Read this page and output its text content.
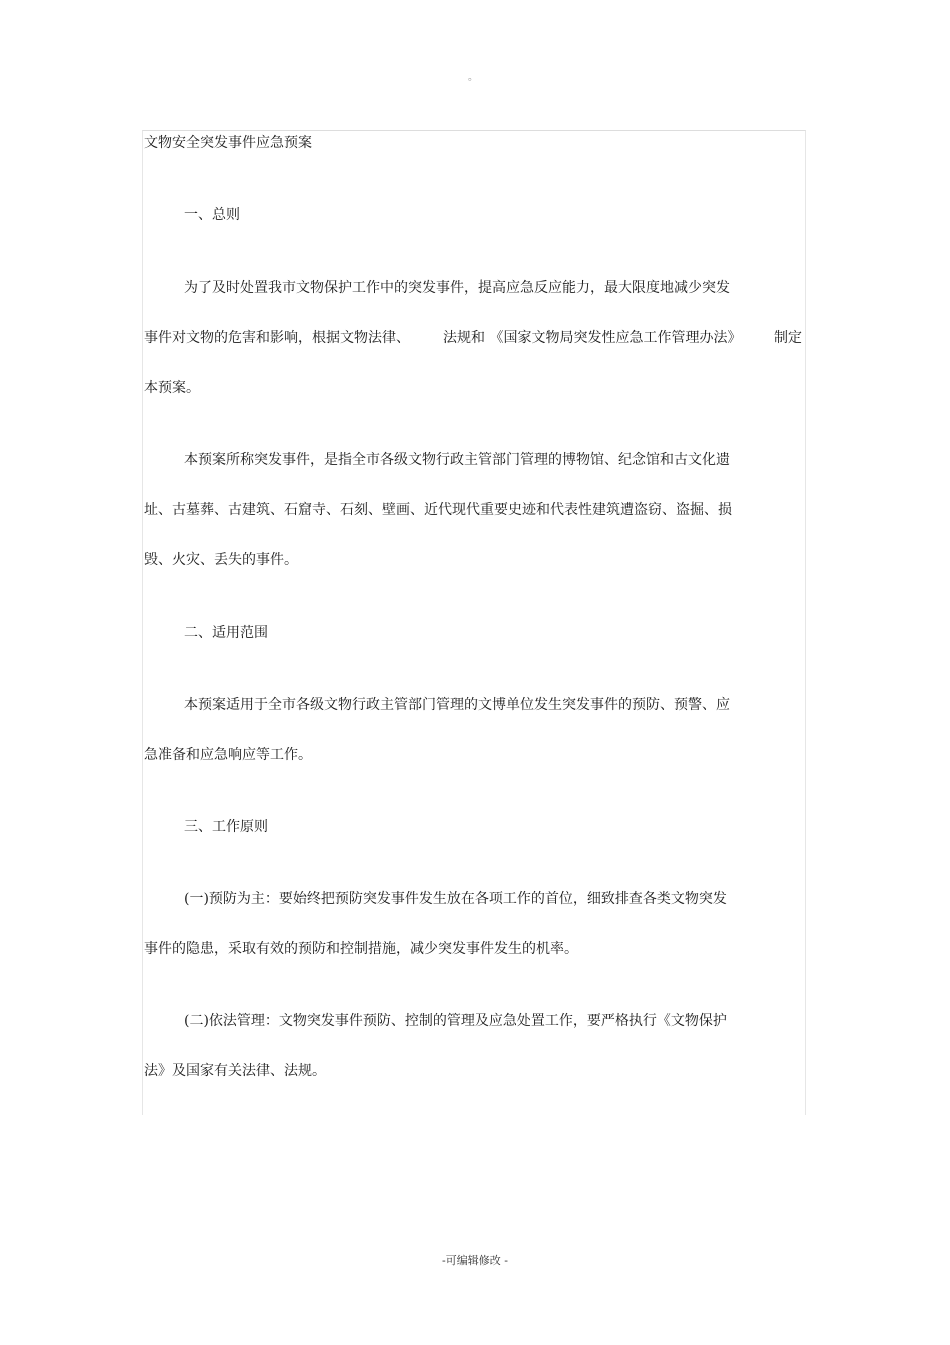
。
文物安全突发事件应急预案
一、总则
为了及时处置我市文物保护工作中的突发事件，提高应急反应能力，最大限度地减少突发
事件对文物的危害和影响，根据文物法律、 法规和 《国家文物局突发性应急工作管理办法》 制定
本预案。
本预案所称突发事件，是指全市各级文物行政主管部门管理的博物馆、纪念馆和古文化遗
址、古墓葬、古建筑、石窟寺、石刻、壁画、近代现代重要史迹和代表性建筑遭盗窃、盗掘、损
毁、火灾、丢失的事件。
二、适用范围
本预案适用于全市各级文物行政主管部门管理的文博单位发生突发事件的预防、预警、应
急准备和应急响应等工作。
三、工作原则
(一)预防为主：要始终把预防突发事件发生放在各项工作的首位，细致排查各类文物突发
事件的隐患，采取有效的预防和控制措施，减少突发事件发生的机率。
(二)依法管理：文物突发事件预防、控制的管理及应急处置工作，要严格执行《文物保护
法》及国家有关法律、法规。
-可编辑修改 -
